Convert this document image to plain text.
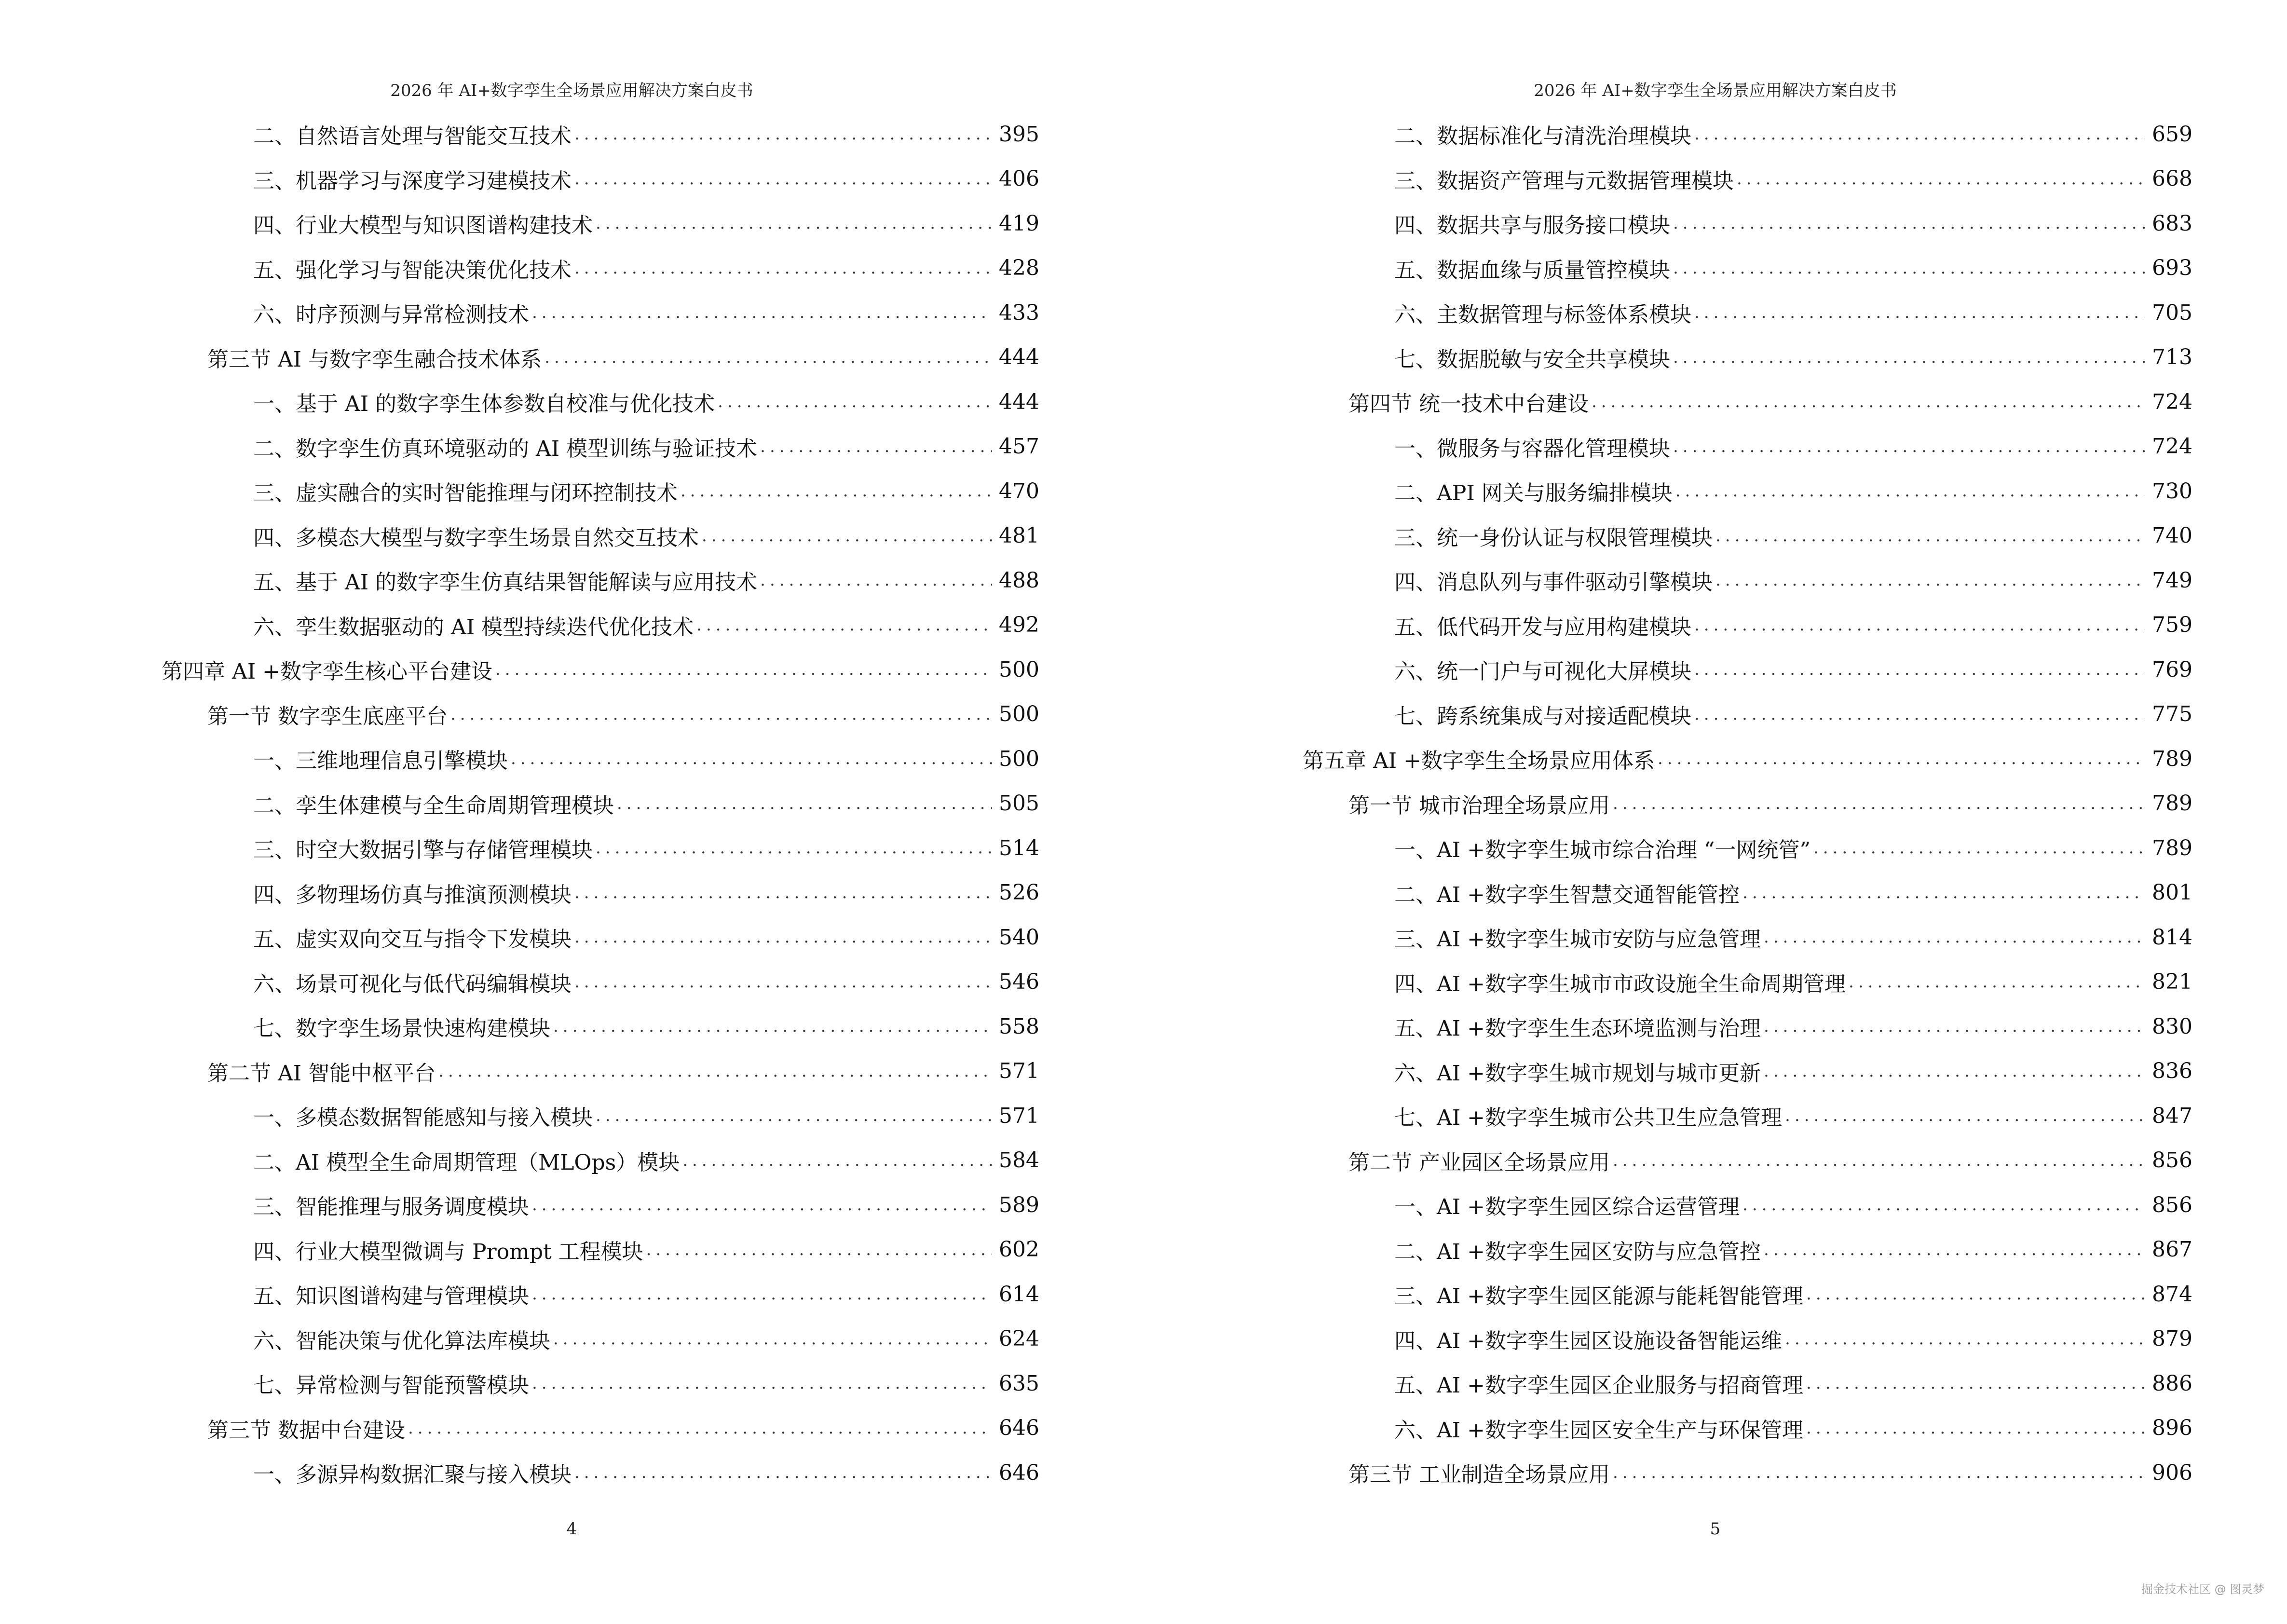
2026 年 AI+数字孪生全场景应用解决方案白皮书
二、自然语言处理与智能交互技术 .....	395
三、机器学习与深度学习建模技术 .....	406
四、行业大模型与知识图谱构建技术 .....	419
五、强化学习与智能决策优化技术 .....	428
六、时序预测与异常检测技术 .....	433
第三节 AI 与数字孪生融合技术体系 .....	444
一、基于 AI 的数字孪生体参数自校准与优化技术 .....	444
二、数字孪生仿真环境驱动的 AI 模型训练与验证技术 .....	457
三、虚实融合的实时智能推理与闭环控制技术 .....	470
四、多模态大模型与数字孪生场景自然交互技术 .....	481
五、基于 AI 的数字孪生仿真结果智能解读与应用技术 .....	488
六、孪生数据驱动的 AI 模型持续迭代优化技术 .....	492
第四章 AI +数字孪生核心平台建设 .....	500
第一节 数字孪生底座平台 .....	500
一、三维地理信息引擎模块 .....	500
二、孪生体建模与全生命周期管理模块 .....	505
三、时空大数据引擎与存储管理模块 .....	514
四、多物理场仿真与推演预测模块 .....	526
五、虚实双向交互与指令下发模块 .....	540
六、场景可视化与低代码编辑模块 .....	546
七、数字孪生场景快速构建模块 .....	558
第二节 AI 智能中枢平台 .....	571
一、多模态数据智能感知与接入模块 .....	571
二、AI 模型全生命周期管理（MLOps）模块 .....	584
三、智能推理与服务调度模块 .....	589
四、行业大模型微调与 Prompt 工程模块 .....	602
五、知识图谱构建与管理模块 .....	614
六、智能决策与优化算法库模块 .....	624
七、异常检测与智能预警模块 .....	635
第三节 数据中台建设 .....	646
一、多源异构数据汇聚与接入模块 .....	646
4
2026 年 AI+数字孪生全场景应用解决方案白皮书
二、数据标准化与清洗治理模块 .....	659
三、数据资产管理与元数据管理模块 .....	668
四、数据共享与服务接口模块 .....	683
五、数据血缘与质量管控模块 .....	693
六、主数据管理与标签体系模块 .....	705
七、数据脱敏与安全共享模块 .....	713
第四节 统一技术中台建设 .....	724
一、微服务与容器化管理模块 .....	724
二、API 网关与服务编排模块 .....	730
三、统一身份认证与权限管理模块 .....	740
四、消息队列与事件驱动引擎模块 .....	749
五、低代码开发与应用构建模块 .....	759
六、统一门户与可视化大屏模块 .....	769
七、跨系统集成与对接适配模块 .....	775
第五章 AI +数字孪生全场景应用体系 .....	789
第一节 城市治理全场景应用 .....	789
一、AI +数字孪生城市综合治理 “一网统管” .....	789
二、AI +数字孪生智慧交通智能管控 .....	801
三、AI +数字孪生城市安防与应急管理 .....	814
四、AI +数字孪生城市市政设施全生命周期管理 .....	821
五、AI +数字孪生生态环境监测与治理 .....	830
六、AI +数字孪生城市规划与城市更新 .....	836
七、AI +数字孪生城市公共卫生应急管理 .....	847
第二节 产业园区全场景应用 .....	856
一、AI +数字孪生园区综合运营管理 .....	856
二、AI +数字孪生园区安防与应急管控 .....	867
三、AI +数字孪生园区能源与能耗智能管理 .....	874
四、AI +数字孪生园区设施设备智能运维 .....	879
五、AI +数字孪生园区企业服务与招商管理 .....	886
六、AI +数字孪生园区安全生产与环保管理 .....	896
第三节 工业制造全场景应用 .....	906
5
掘金技术社区 @ 图灵梦
